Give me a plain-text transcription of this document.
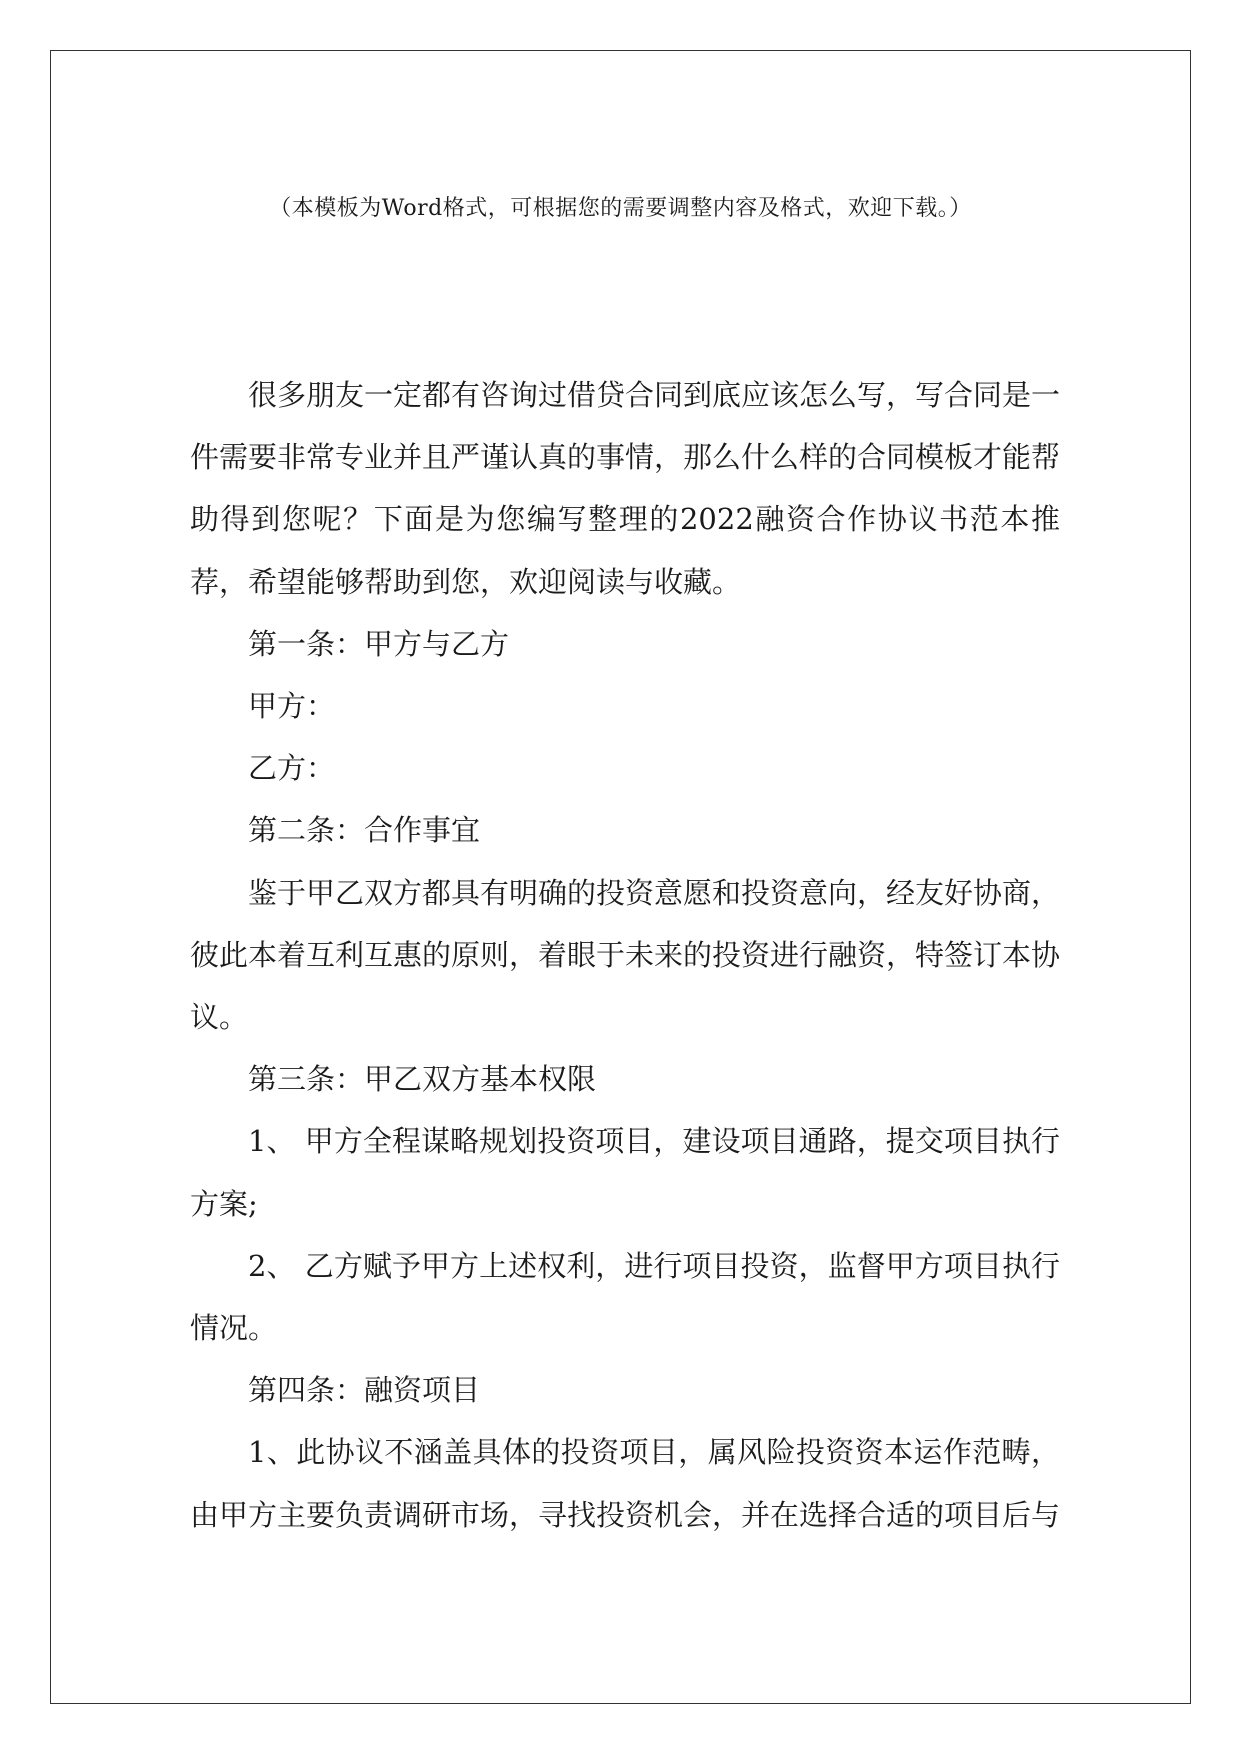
（本模板为Word格式，可根据您的需要调整内容及格式，欢迎下载。）

很多朋友一定都有咨询过借贷合同到底应该怎么写，写合同是一件需要非常专业并且严谨认真的事情，那么什么样的合同模板才能帮助得到您呢？下面是为您编写整理的2022融资合作协议书范本推荐，希望能够帮助到您，欢迎阅读与收藏。

第一条：甲方与乙方

甲方：

乙方：

第二条：合作事宜

鉴于甲乙双方都具有明确的投资意愿和投资意向，经友好协商，彼此本着互利互惠的原则，着眼于未来的投资进行融资，特签订本协议。

第三条：甲乙双方基本权限

1、 甲方全程谋略规划投资项目，建设项目通路，提交项目执行方案;

2、 乙方赋予甲方上述权利，进行项目投资，监督甲方项目执行情况。

第四条：融资项目

1、此协议不涵盖具体的投资项目，属风险投资资本运作范畴，由甲方主要负责调研市场，寻找投资机会，并在选择合适的项目后与
